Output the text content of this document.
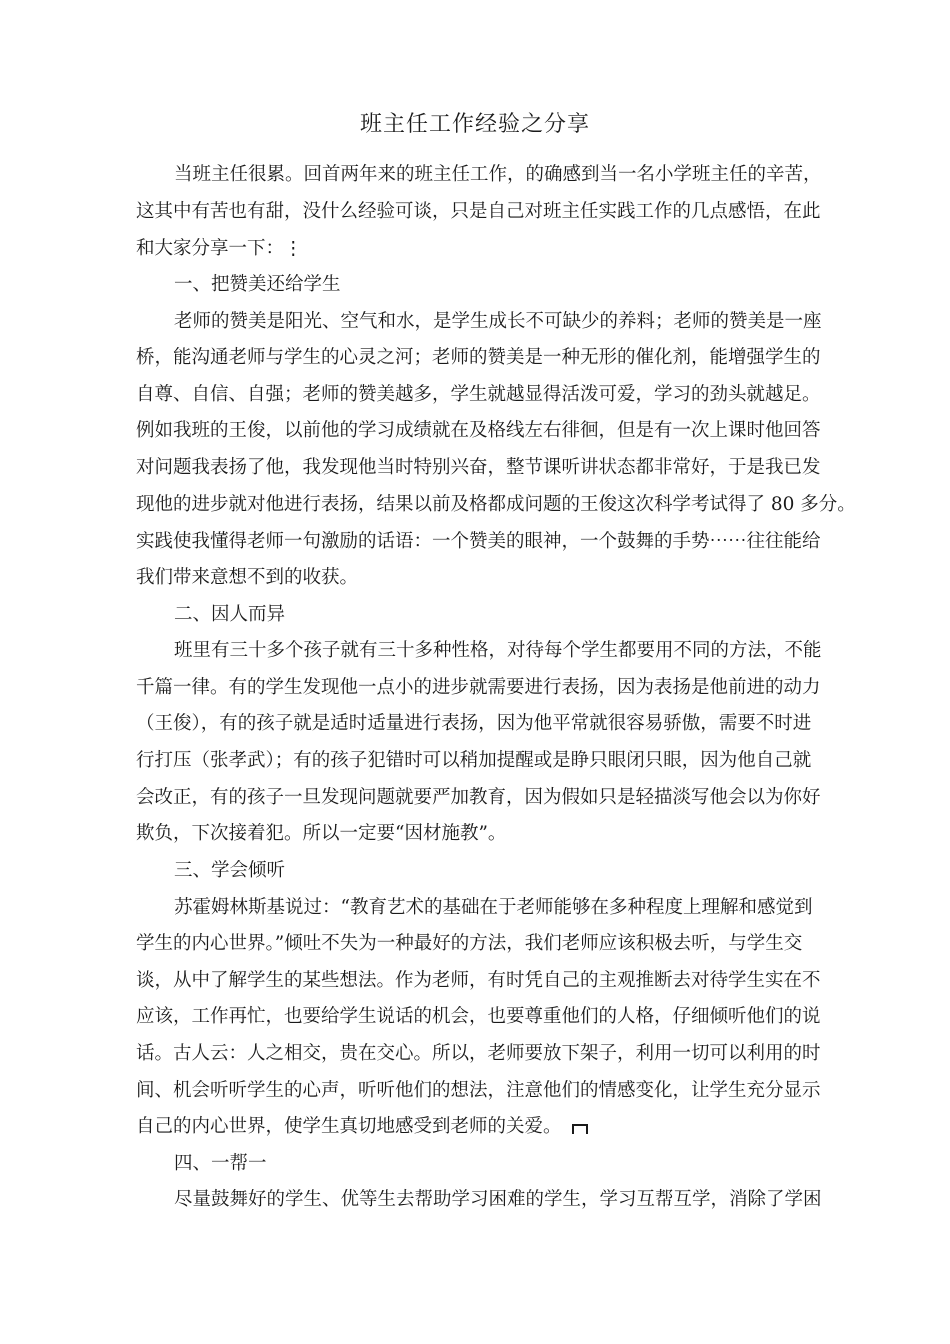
班主任工作经验之分享
当班主任很累。回首两年来的班主任工作，的确感到当一名小学班主任的辛苦，
这其中有苦也有甜，没什么经验可谈，只是自己对班主任实践工作的几点感悟，在此
和大家分享一下：⋮
一、把赞美还给学生
老师的赞美是阳光、空气和水，是学生成长不可缺少的养料；老师的赞美是一座
桥，能沟通老师与学生的心灵之河；老师的赞美是一种无形的催化剂，能增强学生的
自尊、自信、自强；老师的赞美越多，学生就越显得活泼可爱，学习的劲头就越足。
例如我班的王俊，以前他的学习成绩就在及格线左右徘徊，但是有一次上课时他回答
对问题我表扬了他，我发现他当时特别兴奋，整节课听讲状态都非常好，于是我已发
现他的进步就对他进行表扬，结果以前及格都成问题的王俊这次科学考试得了 80 多分。
实践使我懂得老师一句激励的话语：一个赞美的眼神，一个鼓舞的手势⋯⋯往往能给
我们带来意想不到的收获。
二、因人而异
班里有三十多个孩子就有三十多种性格，对待每个学生都要用不同的方法，不能
千篇一律。有的学生发现他一点小的进步就需要进行表扬，因为表扬是他前进的动力
（王俊），有的孩子就是适时适量进行表扬，因为他平常就很容易骄傲，需要不时进
行打压（张孝武）；有的孩子犯错时可以稍加提醒或是睁只眼闭只眼，因为他自己就
会改正，有的孩子一旦发现问题就要严加教育，因为假如只是轻描淡写他会以为你好
欺负，下次接着犯。所以一定要“因材施教”。
三、学会倾听
苏霍姆林斯基说过：“教育艺术的基础在于老师能够在多种程度上理解和感觉到
学生的内心世界。”倾吐不失为一种最好的方法，我们老师应该积极去听，与学生交
谈，从中了解学生的某些想法。作为老师，有时凭自己的主观推断去对待学生实在不
应该，工作再忙，也要给学生说话的机会，也要尊重他们的人格，仔细倾听他们的说
话。古人云：人之相交，贵在交心。所以，老师要放下架子，利用一切可以利用的时
间、机会听听学生的心声，听听他们的想法，注意他们的情感变化，让学生充分显示
自己的内心世界，使学生真切地感受到老师的关爱。
四、一帮一
尽量鼓舞好的学生、优等生去帮助学习困难的学生，学习互帮互学，消除了学困
